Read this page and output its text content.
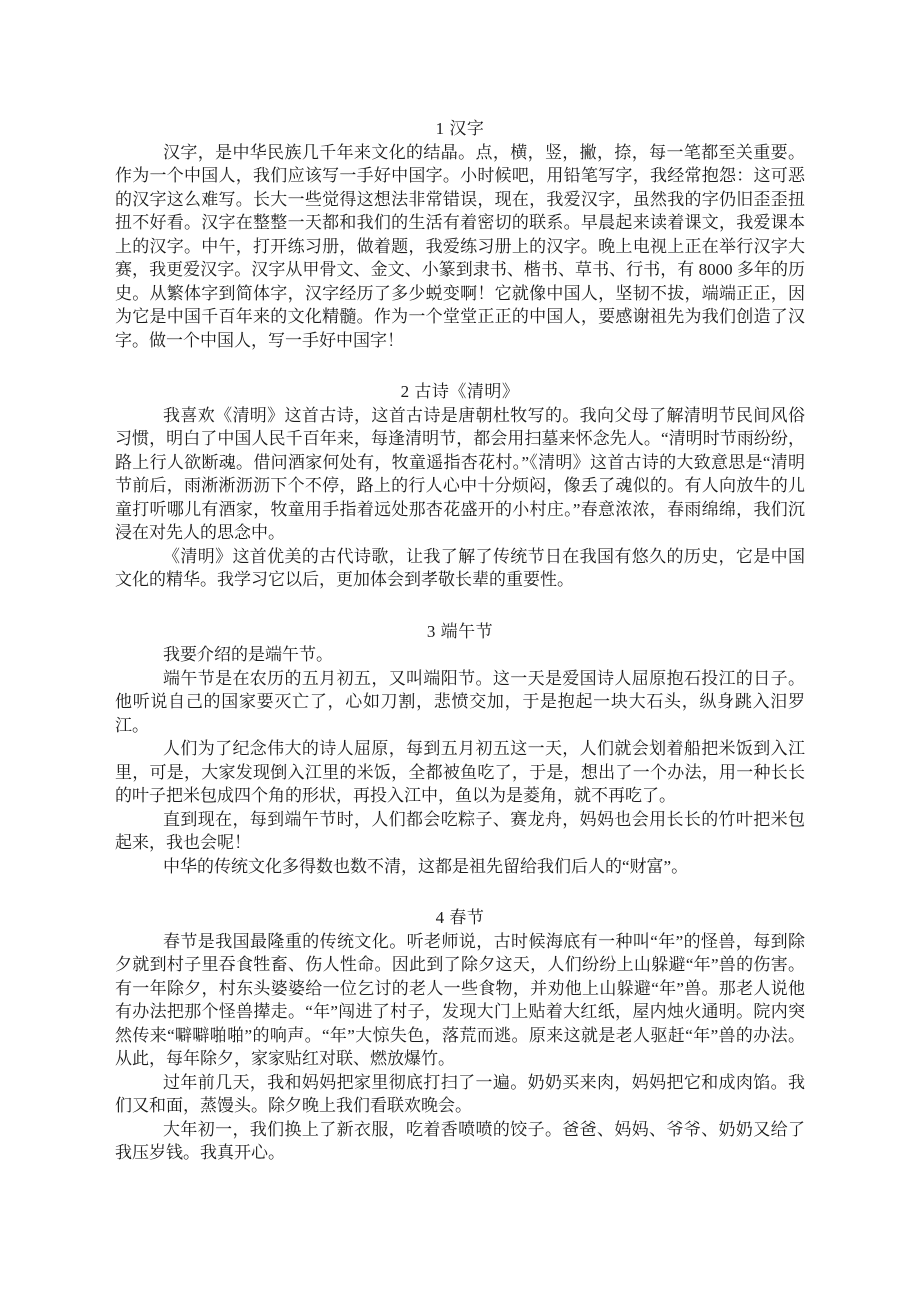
1 汉字

汉字，是中华民族几千年来文化的结晶。点，横，竖，撇，捺，每一笔都至关重要。作为一个中国人，我们应该写一手好中国字。小时候吧，用铅笔写字，我经常抱怨：这可恶的汉字这么难写。长大一些觉得这想法非常错误，现在，我爱汉字，虽然我的字仍旧歪歪扭扭不好看。汉字在整整一天都和我们的生活有着密切的联系。早晨起来读着课文，我爱课本上的汉字。中午，打开练习册，做着题，我爱练习册上的汉字。晚上电视上正在举行汉字大赛，我更爱汉字。汉字从甲骨文、金文、小篆到隶书、楷书、草书、行书，有 8000 多年的历史。从繁体字到简体字，汉字经历了多少蜕变啊！它就像中国人，坚韧不拔，端端正正，因为它是中国千百年来的文化精髓。作为一个堂堂正正的中国人，要感谢祖先为我们创造了汉字。做一个中国人，写一手好中国字！

2 古诗《清明》

我喜欢《清明》这首古诗，这首古诗是唐朝杜牧写的。我向父母了解清明节民间风俗习惯，明白了中国人民千百年来，每逢清明节，都会用扫墓来怀念先人。“清明时节雨纷纷，路上行人欲断魂。借问酒家何处有，牧童遥指杏花村。”《清明》这首古诗的大致意思是“清明节前后，雨淅淅沥沥下个不停，路上的行人心中十分烦闷，像丢了魂似的。有人向放牛的儿童打听哪儿有酒家，牧童用手指着远处那杏花盛开的小村庄。”春意浓浓，春雨绵绵，我们沉浸在对先人的思念中。

《清明》这首优美的古代诗歌，让我了解了传统节日在我国有悠久的历史，它是中国文化的精华。我学习它以后，更加体会到孝敬长辈的重要性。

3 端午节

我要介绍的是端午节。

端午节是在农历的五月初五，又叫端阳节。这一天是爱国诗人屈原抱石投江的日子。他听说自己的国家要灭亡了，心如刀割，悲愤交加，于是抱起一块大石头，纵身跳入汨罗江。

人们为了纪念伟大的诗人屈原，每到五月初五这一天，人们就会划着船把米饭到入江里，可是，大家发现倒入江里的米饭，全都被鱼吃了，于是，想出了一个办法，用一种长长的叶子把米包成四个角的形状，再投入江中，鱼以为是菱角，就不再吃了。

直到现在，每到端午节时，人们都会吃粽子、赛龙舟，妈妈也会用长长的竹叶把米包起来，我也会呢！

中华的传统文化多得数也数不清，这都是祖先留给我们后人的“财富”。

4 春节

春节是我国最隆重的传统文化。听老师说，古时候海底有一种叫“年”的怪兽，每到除夕就到村子里吞食牲畜、伤人性命。因此到了除夕这天，人们纷纷上山躲避“年”兽的伤害。有一年除夕，村东头婆婆给一位乞讨的老人一些食物，并劝他上山躲避“年”兽。那老人说他有办法把那个怪兽撵走。“年”闯进了村子，发现大门上贴着大红纸，屋内烛火通明。院内突然传来“噼噼啪啪”的响声。“年”大惊失色，落荒而逃。原来这就是老人驱赶“年”兽的办法。从此，每年除夕，家家贴红对联、燃放爆竹。

过年前几天，我和妈妈把家里彻底打扫了一遍。奶奶买来肉，妈妈把它和成肉馅。我们又和面，蒸馒头。除夕晚上我们看联欢晚会。

大年初一，我们换上了新衣服，吃着香喷喷的饺子。爸爸、妈妈、爷爷、奶奶又给了我压岁钱。我真开心。
